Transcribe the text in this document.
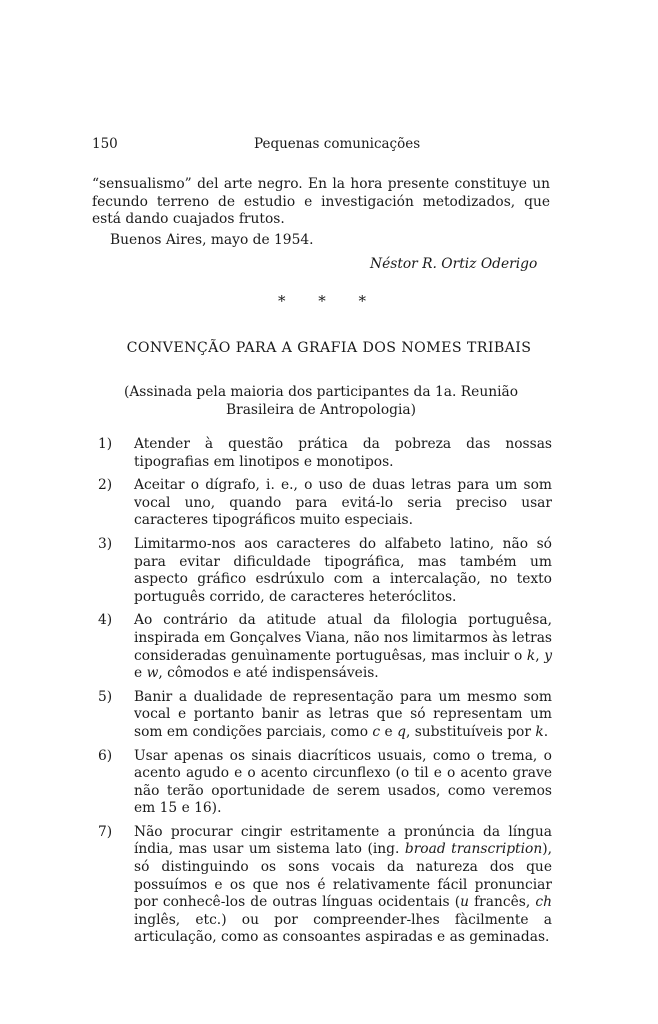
150	Pequenas comunicações
“sensualismo” del arte negro. En la hora presente constituye un fecundo terreno de estudio e investigación metodizados, que está dando cuajados frutos.
Buenos Aires, mayo de 1954.
Néstor R. Ortiz Oderigo
* * *
CONVENÇÃO PARA A GRAFIA DOS NOMES TRIBAIS
(Assinada pela maioria dos participantes da 1a. Reunião Brasileira de Antropologia)
1) Atender à questão prática da pobreza das nossas tipografias em linotipos e monotipos.
2) Aceitar o dígrafo, i. e., o uso de duas letras para um som vocal uno, quando para evitá-lo seria preciso usar caracteres tipográficos muito especiais.
3) Limitarmo-nos aos caracteres do alfabeto latino, não só para evitar dificuldade tipográfica, mas também um aspecto gráfico esdrúxulo com a intercalação, no texto português corrido, de caracteres heteróclitos.
4) Ao contrário da atitude atual da filologia portuguêsa, inspirada em Gonçalves Viana, não nos limitarmos às letras consideradas genuìnamente portuguêsas, mas incluir o k, y e w, cômodos e até indispensáveis.
5) Banir a dualidade de representação para um mesmo som vocal e portanto banir as letras que só representam um som em condições parciais, como c e q, substituíveis por k.
6) Usar apenas os sinais diacríticos usuais, como o trema, o acento agudo e o acento circunflexo (o til e o acento grave não terão oportunidade de serem usados, como veremos em 15 e 16).
7) Não procurar cingir estritamente a pronúncia da língua índia, mas usar um sistema lato (ing. broad transcription), só distinguindo os sons vocais da natureza dos que possuímos e os que nos é relativamente fácil pronunciar por conhecê-los de outras línguas ocidentais (u francês, ch inglês, etc.) ou por compreender-lhes fàcilmente a articulação, como as consoantes aspiradas e as geminadas.
